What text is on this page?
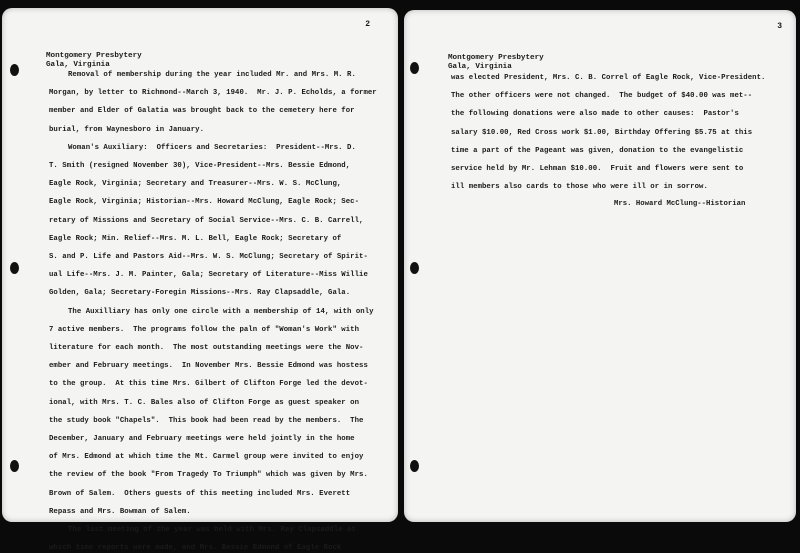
2
Montgomery Presbytery
Gala, Virginia
Removal of membership during the year included Mr. and Mrs. M. R.
Morgan, by letter to Richmond--March 3, 1940.  Mr. J. P. Echolds, a former
member and Elder of Galatia was brought back to the cemetery here for
burial, from Waynesboro in January.
Woman's Auxiliary:  Officers and Secretaries:  President--Mrs. D.
T. Smith (resigned November 30), Vice-President--Mrs. Bessie Edmond,
Eagle Rock, Virginia; Secretary and Treasurer--Mrs. W. S. McClung,
Eagle Rock, Virginia; Historian--Mrs. Howard McClung, Eagle Rock; Sec-
retary of Missions and Secretary of Social Service--Mrs. C. B. Carrell,
Eagle Rock; Min. Relief--Mrs. M. L. Bell, Eagle Rock; Secretary of
S. and P. Life and Pastors Aid--Mrs. W. S. McClung; Secretary of Spirit-
ual Life--Mrs. J. M. Painter, Gala; Secretary of Literature--Miss Willie
Golden, Gala; Secretary-Foregin Missions--Mrs. Ray Clapsaddle, Gala.
The Auxilliary has only one circle with a membership of 14, with only
7 active members.  The programs follow the paln of "Woman's Work" with
literature for each month.  The most outstanding meetings were the Nov-
ember and February meetings.  In November Mrs. Bessie Edmond was hostess
to the group.  At this time Mrs. Gilbert of Clifton Forge led the devot-
ional, with Mrs. T. C. Bales also of Clifton Forge as guest speaker on
the study book "Chapels".  This book had been read by the members.  The
December, January and February meetings were held jointly in the home
of Mrs. Edmond at which time the Mt. Carmel group were invited to enjoy
the review of the book "From Tragedy To Triumph" which was given by Mrs.
Brown of Salem.  Others guests of this meeting included Mrs. Everett
Repass and Mrs. Bowman of Salem.
The last meeting of the year was held with Mrs. Ray Clapsaddle at
which time reports were made, and Mrs. Bessie Edmond of Eagle Rock
3
Montgomery Presbytery
Gala, Virginia
was elected President, Mrs. C. B. Correl of Eagle Rock, Vice-President.
The other officers were not changed.  The budget of $40.00 was met--
the following donations were also made to other causes:  Pastor's
salary $10.00, Red Cross work $1.00, Birthday Offering $5.75 at this
time a part of the Pageant was given, donation to the evangelistic
service held by Mr. Lehman $10.00.  Fruit and flowers were sent to
ill members also cards to those who were ill or in sorrow.
Mrs. Howard McClung--Historian
